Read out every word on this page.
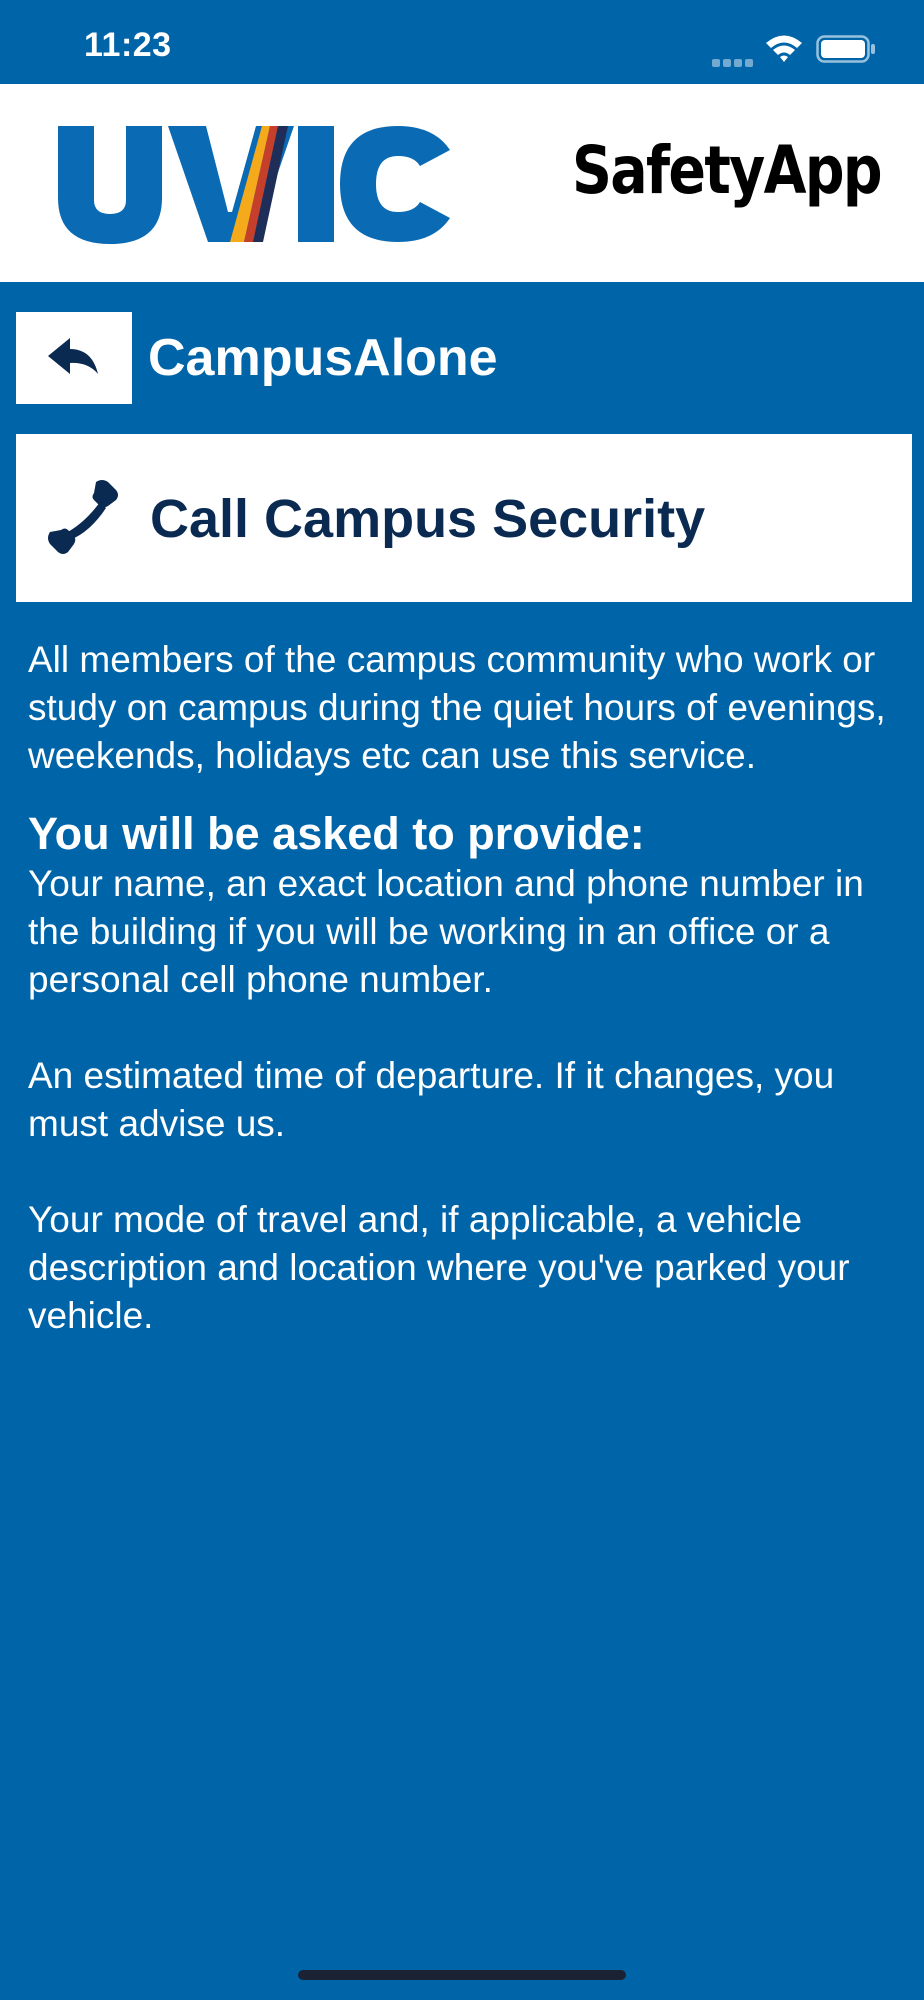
11:23
SafetyApp
CampusAlone
Call Campus Security

All members of the campus community who work or study on campus during the quiet hours of evenings, weekends, holidays etc can use this service.

You will be asked to provide:

Your name, an exact location and phone number in the building if you will be working in an office or a personal cell phone number.

An estimated time of departure. If it changes, you must advise us.

Your mode of travel and, if applicable, a vehicle description and location where you've parked your vehicle.
